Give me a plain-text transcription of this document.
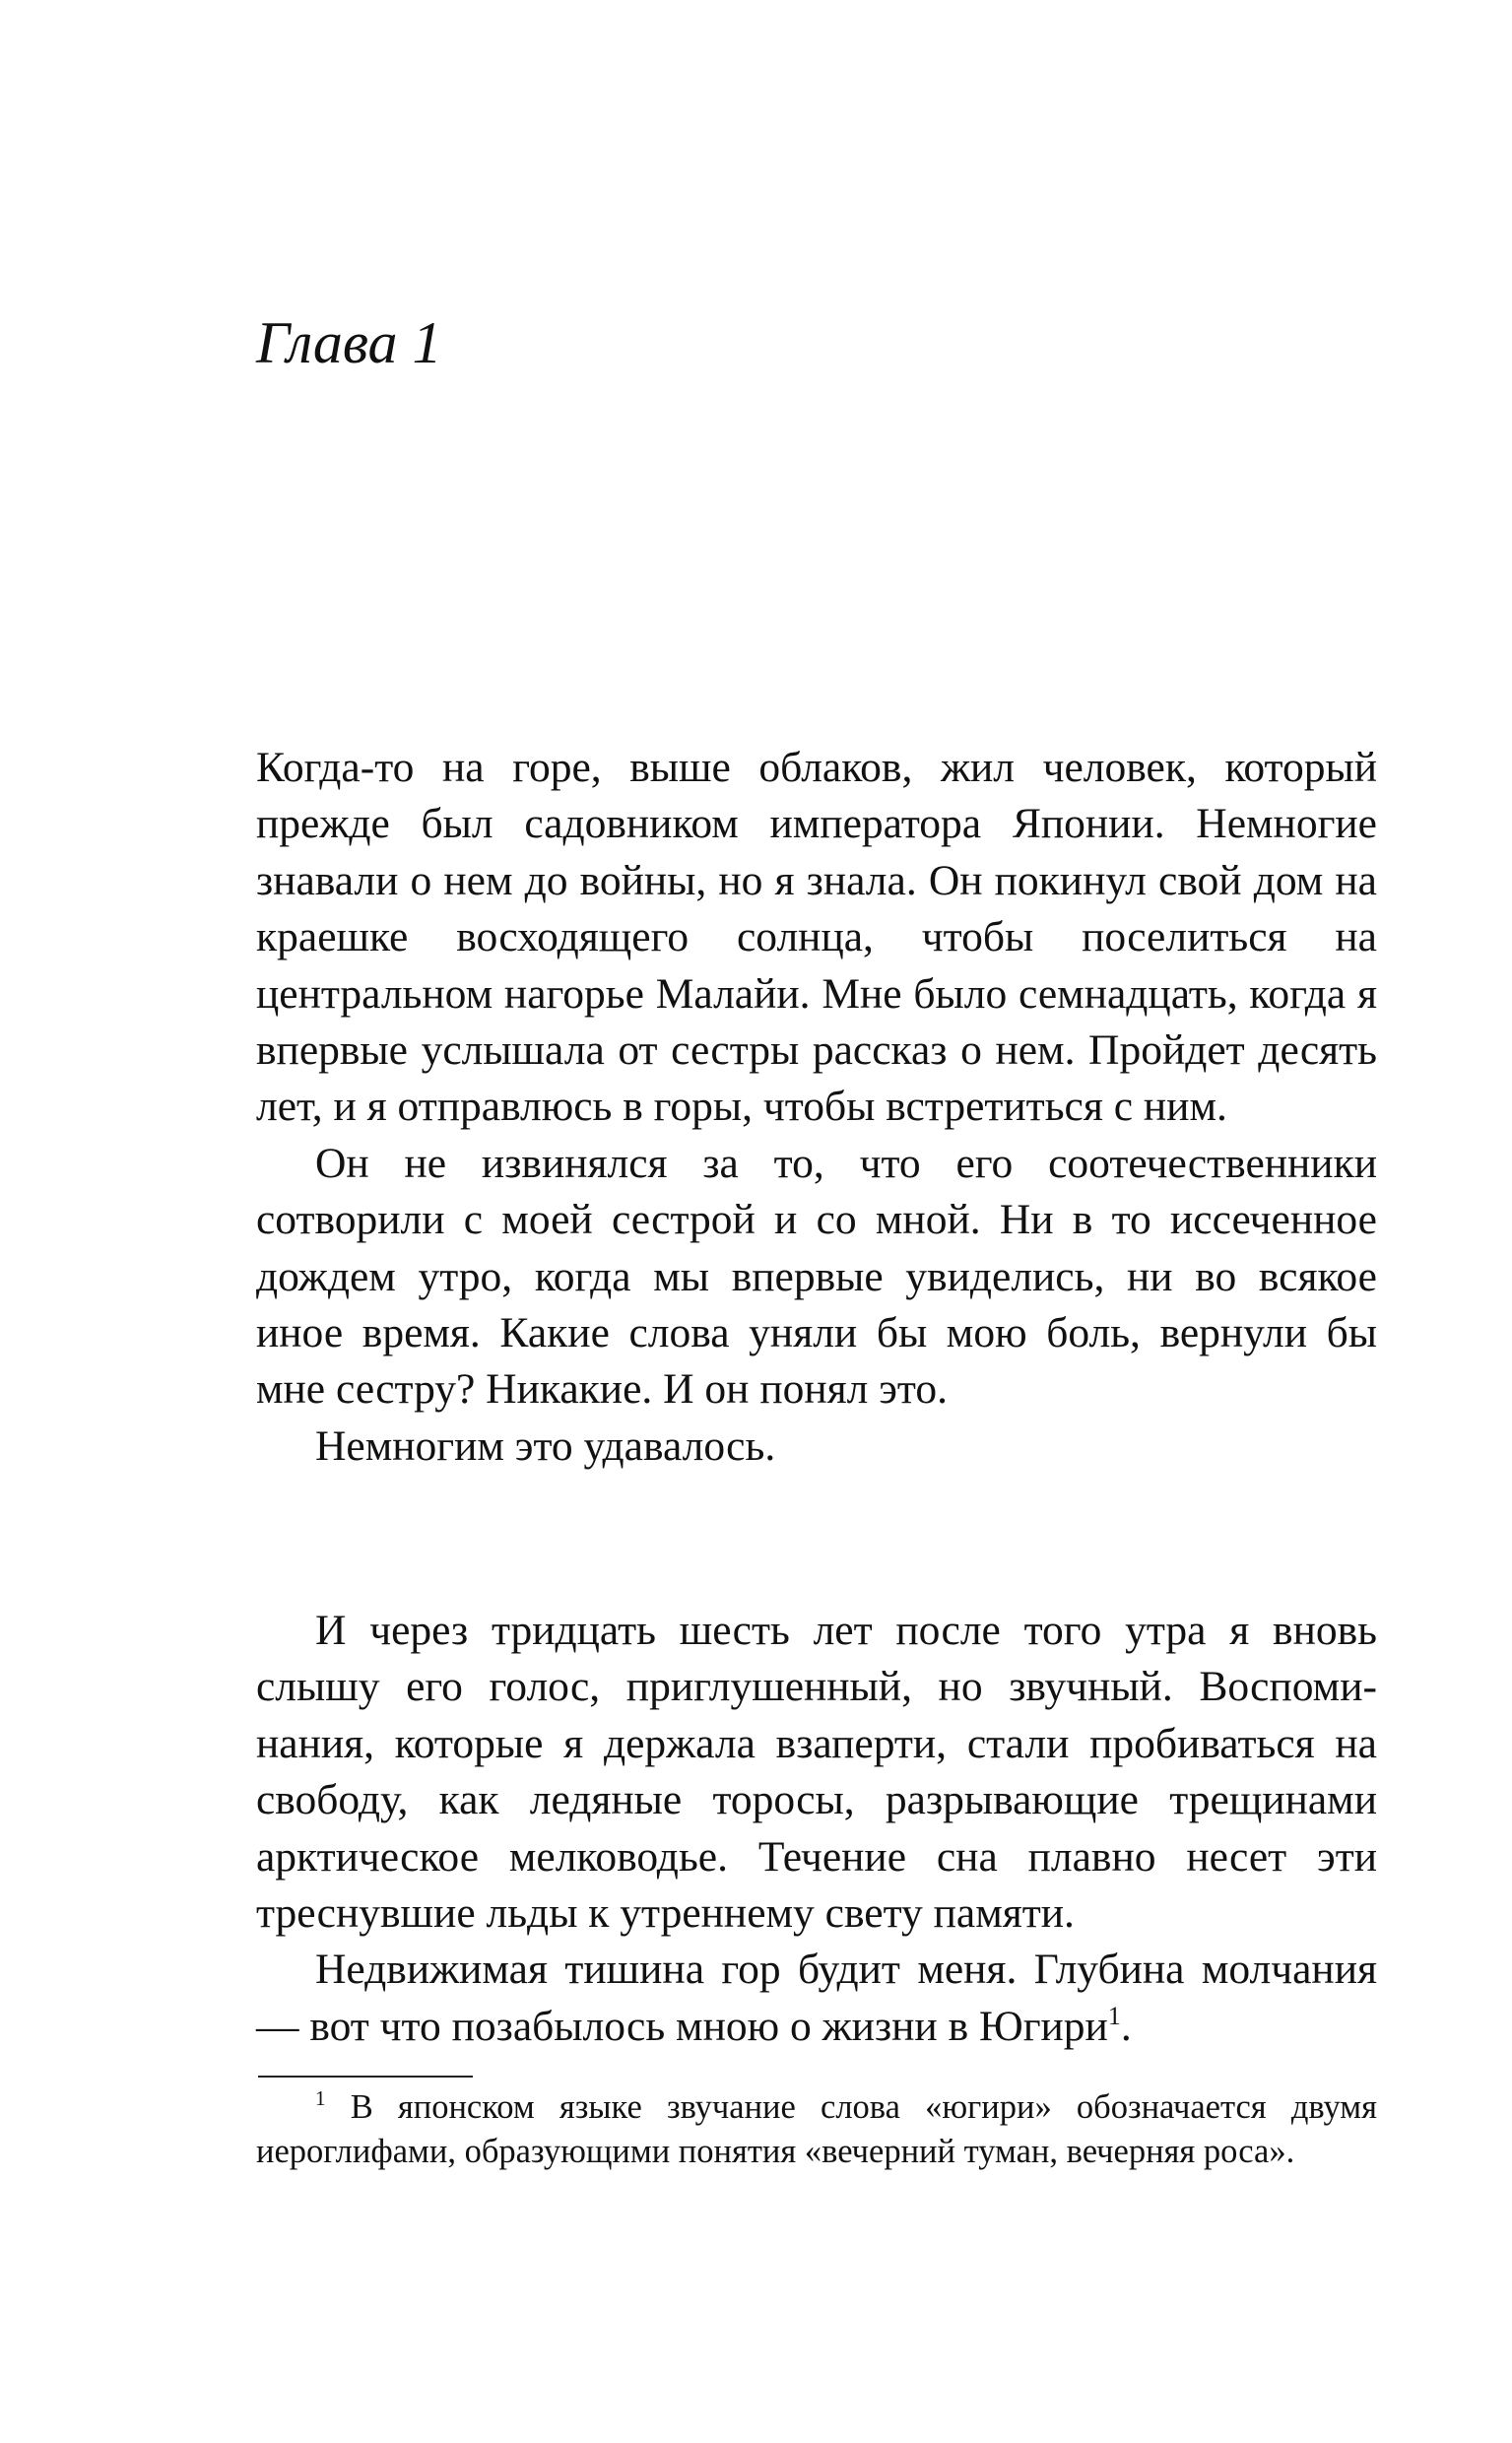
Глава 1

Когда-то на горе, выше облаков, жил человек, который прежде был садовником императора Японии. Немногие знавали о нем до войны, но я знала. Он покинул свой дом на краешке восходящего солнца, чтобы поселиться на центральном нагорье Малайи. Мне было семнадцать, когда я впервые услышала от сестры рассказ о нем. Пройдет десять лет, и я отправлюсь в горы, чтобы встретиться с ним.

Он не извинялся за то, что его соотечественники сотворили с моей сестрой и со мной. Ни в то иссеченное дождем утро, когда мы впервые увиделись, ни во всякое иное время. Какие слова уняли бы мою боль, вернули бы мне сестру? Никакие. И он понял это.

Немногим это удавалось.

И через тридцать шесть лет после того утра я вновь слышу его голос, приглушенный, но звучный. Воспоминания, которые я держала взаперти, стали пробиваться на свободу, как ледяные торосы, разрывающие трещинами арктическое мелководье. Течение сна плавно несет эти треснувшие льды к утреннему свету памяти.

Недвижимая тишина гор будит меня. Глубина молчания — вот что позабылось мною о жизни в Югири$^1$.

$^1$ В японском языке звучание слова «югири» обозначается двумя иероглифами, образующими понятия «вечерний туман, вечерняя роса».
